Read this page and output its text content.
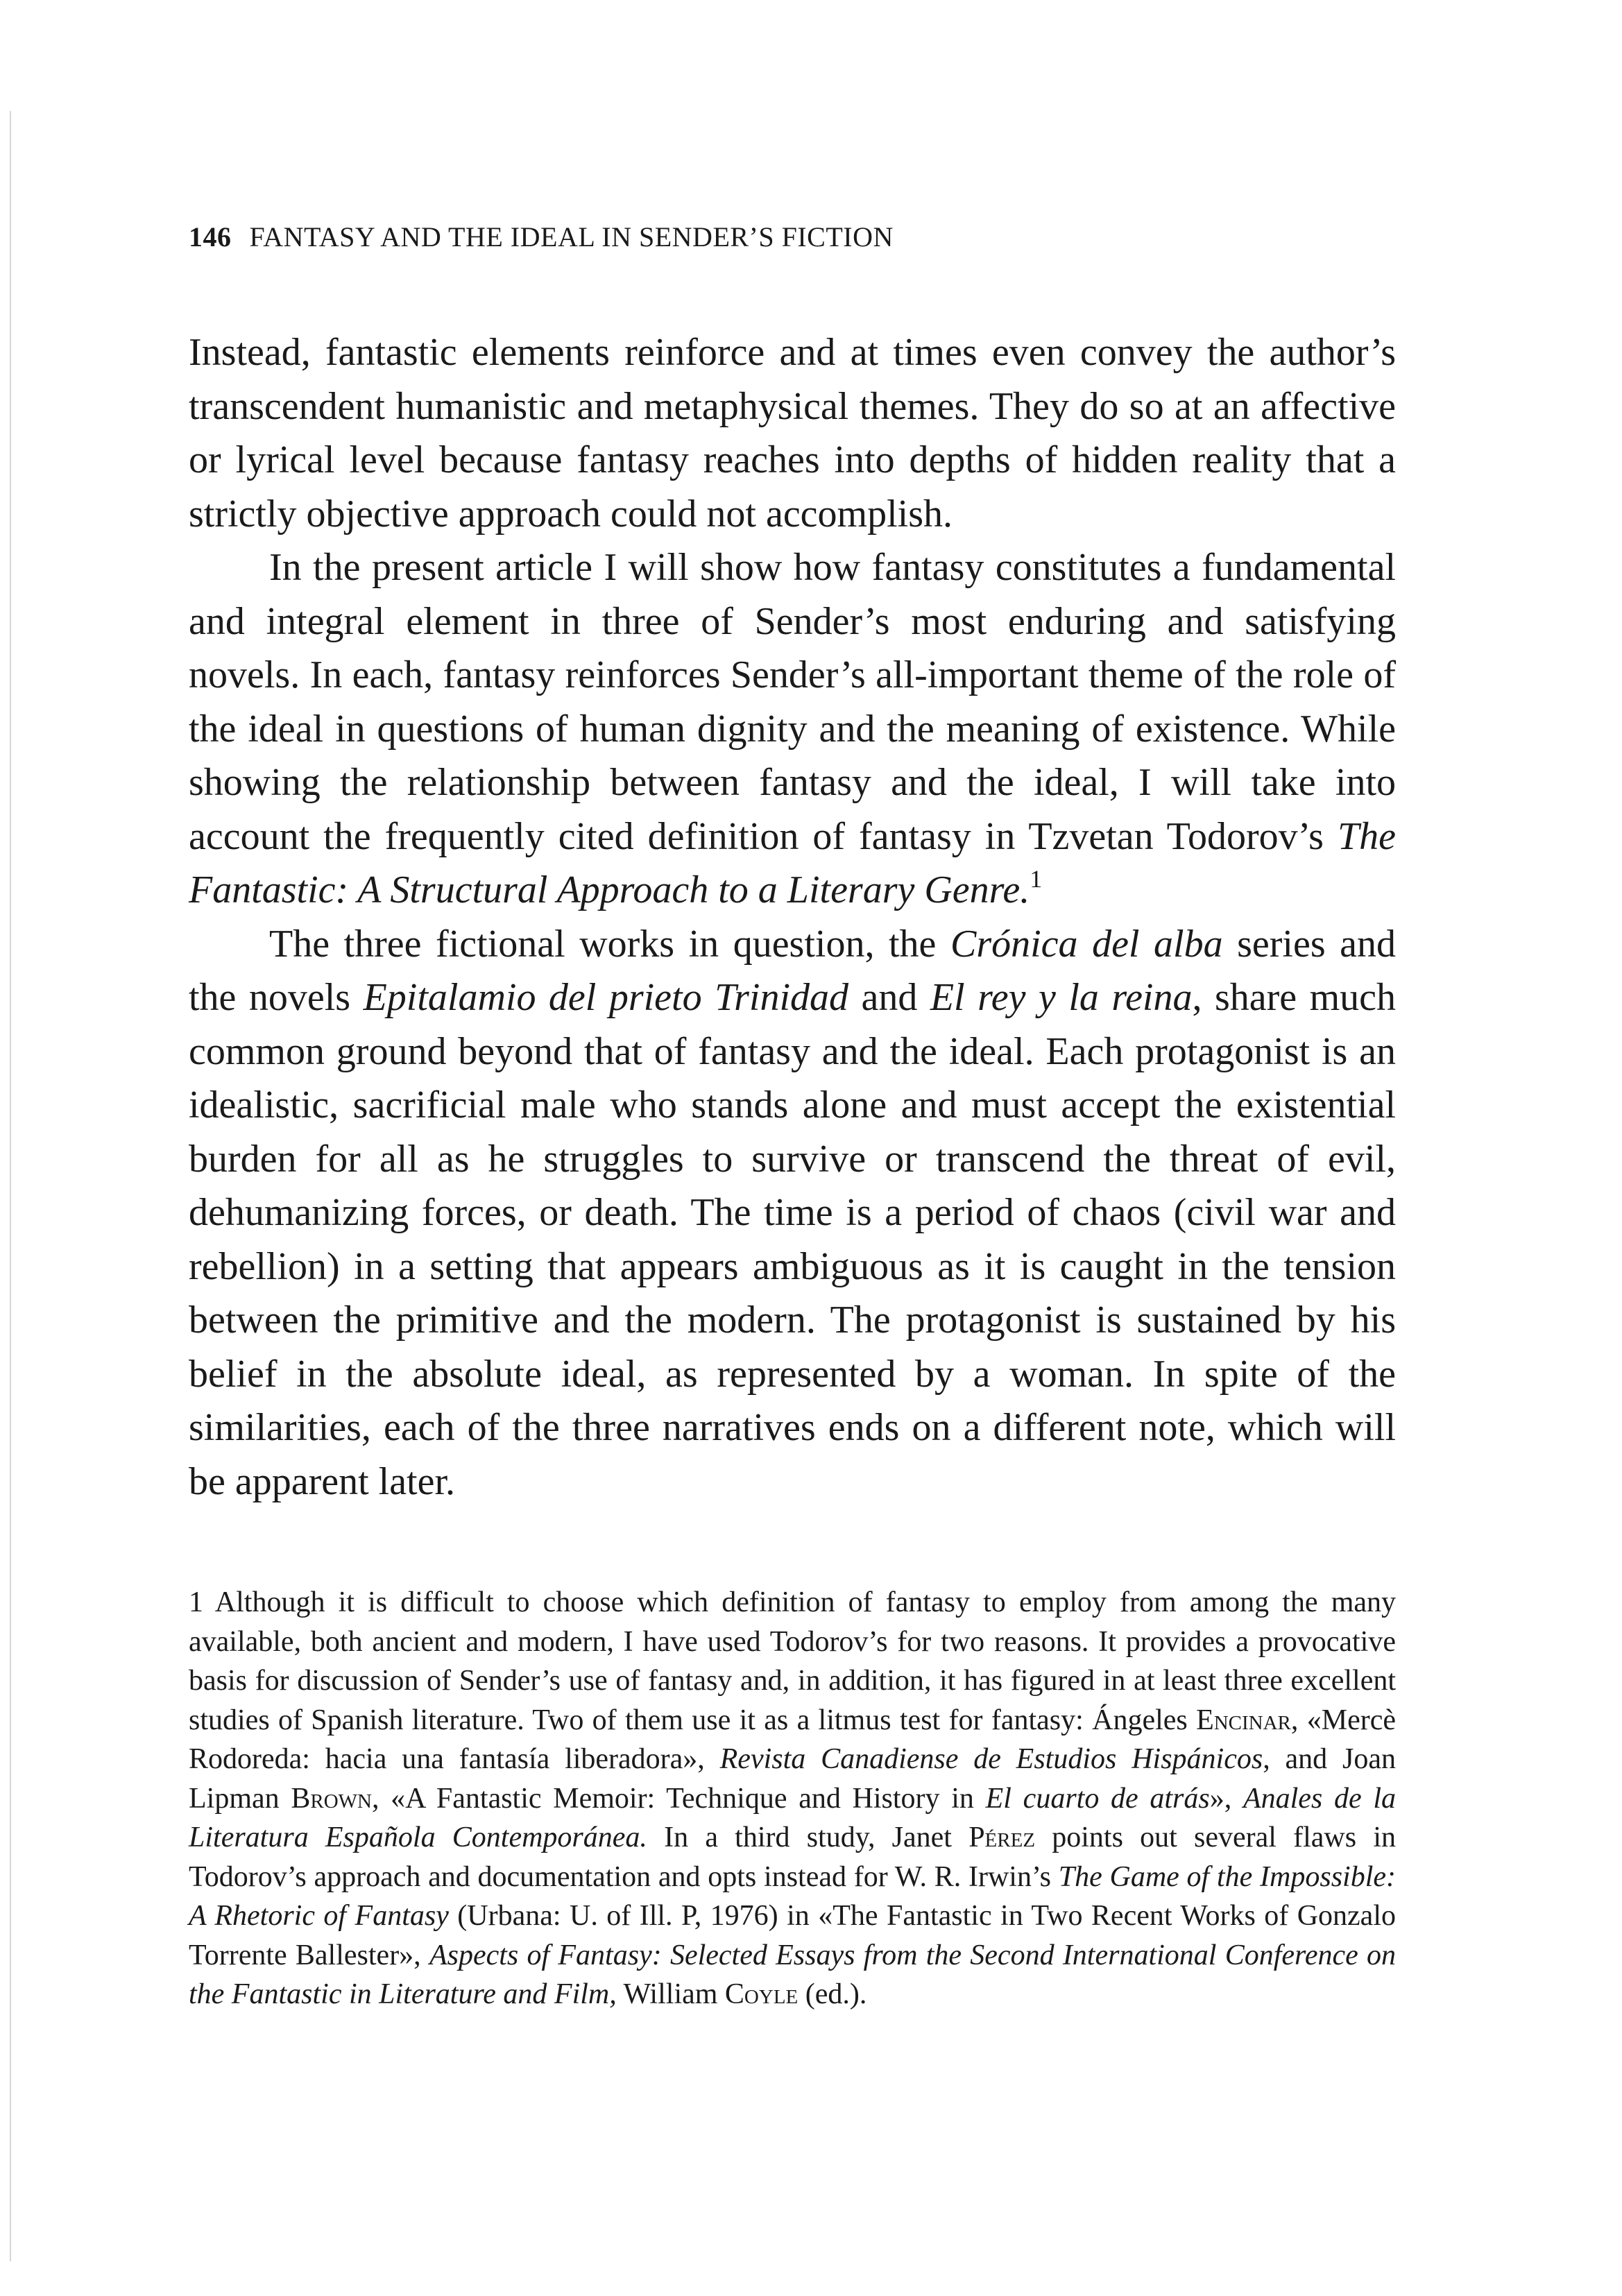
146 FANTASY AND THE IDEAL IN SENDER’S FICTION

Instead, fantastic elements reinforce and at times even convey the author’s transcendent humanistic and metaphysical themes. They do so at an affective or lyrical level because fantasy reaches into depths of hidden reality that a strictly objective approach could not accomplish.

In the present article I will show how fantasy constitutes a fundamental and integral element in three of Sender’s most enduring and satisfying novels. In each, fantasy reinforces Sender’s all-important theme of the role of the ideal in questions of human dignity and the meaning of existence. While showing the relationship between fantasy and the ideal, I will take into account the frequently cited definition of fantasy in Tzvetan Todorov’s The Fantastic: A Structural Approach to a Literary Genre.$^1$

The three fictional works in question, the Crónica del alba series and the novels Epitalamio del prieto Trinidad and El rey y la reina, share much common ground beyond that of fantasy and the ideal. Each protagonist is an idealistic, sacrificial male who stands alone and must accept the existential burden for all as he struggles to survive or transcend the threat of evil, dehumanizing forces, or death. The time is a period of chaos (civil war and rebellion) in a setting that appears ambiguous as it is caught in the tension between the primitive and the modern. The protagonist is sustained by his belief in the absolute ideal, as represented by a woman. In spite of the similarities, each of the three narratives ends on a different note, which will be apparent later.

1 Although it is difficult to choose which definition of fantasy to employ from among the many available, both ancient and modern, I have used Todorov’s for two reasons. It provides a provocative basis for discussion of Sender’s use of fantasy and, in addition, it has figured in at least three excellent studies of Spanish literature. Two of them use it as a litmus test for fantasy: Ángeles Encinar, «Mercè Rodoreda: hacia una fantasía liberadora», Revista Canadiense de Estudios Hispánicos, and Joan Lipman Brown, «A Fantastic Memoir: Technique and History in El cuarto de atrás», Anales de la Literatura Española Contemporánea. In a third study, Janet Pérez points out several flaws in Todorov’s approach and documentation and opts instead for W. R. Irwin’s The Game of the Impossible: A Rhetoric of Fantasy (Urbana: U. of Ill. P, 1976) in «The Fantastic in Two Recent Works of Gonzalo Torrente Ballester», Aspects of Fantasy: Selected Essays from the Second International Conference on the Fantastic in Literature and Film, William Coyle (ed.).
